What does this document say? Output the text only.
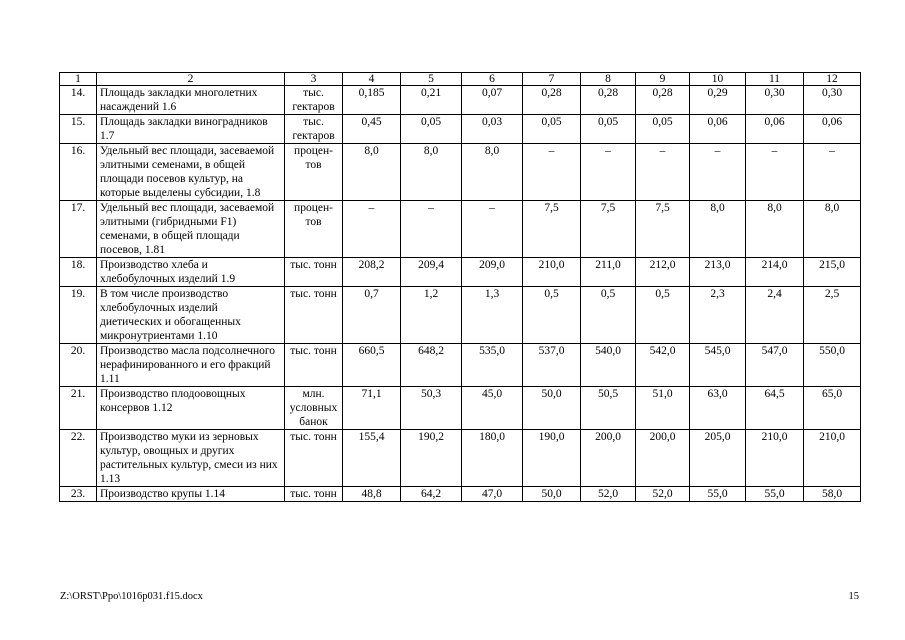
1	2	3	4	5	6	7	8	9	10	11	12
14.	Площадь закладки многолетних насаждений 1.6	тыс. гектаров	0,185	0,21	0,07	0,28	0,28	0,28	0,29	0,30	0,30
15.	Площадь закладки виноградников 1.7	тыс. гектаров	0,45	0,05	0,03	0,05	0,05	0,05	0,06	0,06	0,06
16.	Удельный вес площади, засеваемой элитными семенами, в общей площади посевов культур, на которые выделены субсидии, 1.8	процен-тов	8,0	8,0	8,0	–	–	–	–	–	–
17.	Удельный вес площади, засеваемой элитными (гибридными F1) семенами, в общей площади посевов, 1.81	процен-тов	–	–	–	7,5	7,5	7,5	8,0	8,0	8,0
18.	Производство хлеба и хлебобулочных изделий 1.9	тыс. тонн	208,2	209,4	209,0	210,0	211,0	212,0	213,0	214,0	215,0
19.	В том числе производство хлебобулочных изделий диетических и обогащенных микронутриентами 1.10	тыс. тонн	0,7	1,2	1,3	0,5	0,5	0,5	2,3	2,4	2,5
20.	Производство масла подсолнечного нерафинированного и его фракций 1.11	тыс. тонн	660,5	648,2	535,0	537,0	540,0	542,0	545,0	547,0	550,0
21.	Производство плодоовощных консервов 1.12	млн. условных банок	71,1	50,3	45,0	50,0	50,5	51,0	63,0	64,5	65,0
22.	Производство муки из зерновых культур, овощных и других растительных культур, смеси из них 1.13	тыс. тонн	155,4	190,2	180,0	190,0	200,0	200,0	205,0	210,0	210,0
23.	Производство крупы 1.14	тыс. тонн	48,8	64,2	47,0	50,0	52,0	52,0	55,0	55,0	58,0
Z:\ORST\Ppo\1016p031.f15.docx	15
